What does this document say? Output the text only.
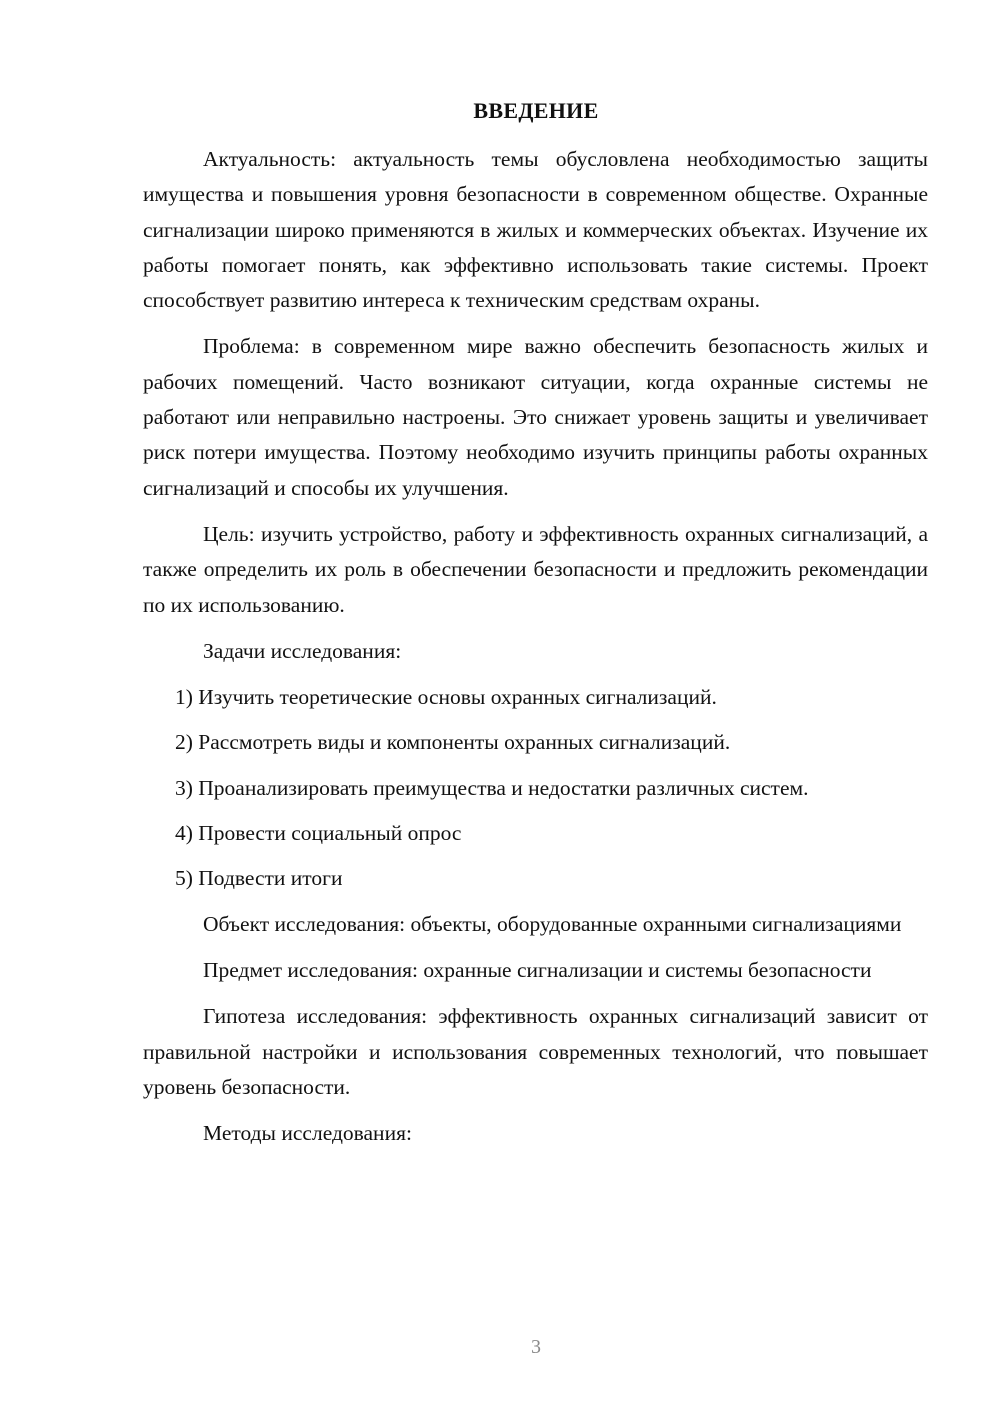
ВВЕДЕНИЕ

Актуальность: актуальность темы обусловлена необходимостью защиты имущества и повышения уровня безопасности в современном обществе. Охранные сигнализации широко применяются в жилых и коммерческих объектах. Изучение их работы помогает понять, как эффективно использовать такие системы. Проект способствует развитию интереса к техническим средствам охраны.

Проблема: в современном мире важно обеспечить безопасность жилых и рабочих помещений. Часто возникают ситуации, когда охранные системы не работают или неправильно настроены. Это снижает уровень защиты и увеличивает риск потери имущества. Поэтому необходимо изучить принципы работы охранных сигнализаций и способы их улучшения.

Цель: изучить устройство, работу и эффективность охранных сигнализаций, а также определить их роль в обеспечении безопасности и предложить рекомендации по их использованию.

Задачи исследования:

1) Изучить теоретические основы охранных сигнализаций.
2) Рассмотреть виды и компоненты охранных сигнализаций.
3) Проанализировать преимущества и недостатки различных систем.
4) Провести социальный опрос
5) Подвести итоги

Объект исследования: объекты, оборудованные охранными сигнализациями

Предмет исследования: охранные сигнализации и системы безопасности

Гипотеза исследования: эффективность охранных сигнализаций зависит от правильной настройки и использования современных технологий, что повышает уровень безопасности.

Методы исследования:

3
